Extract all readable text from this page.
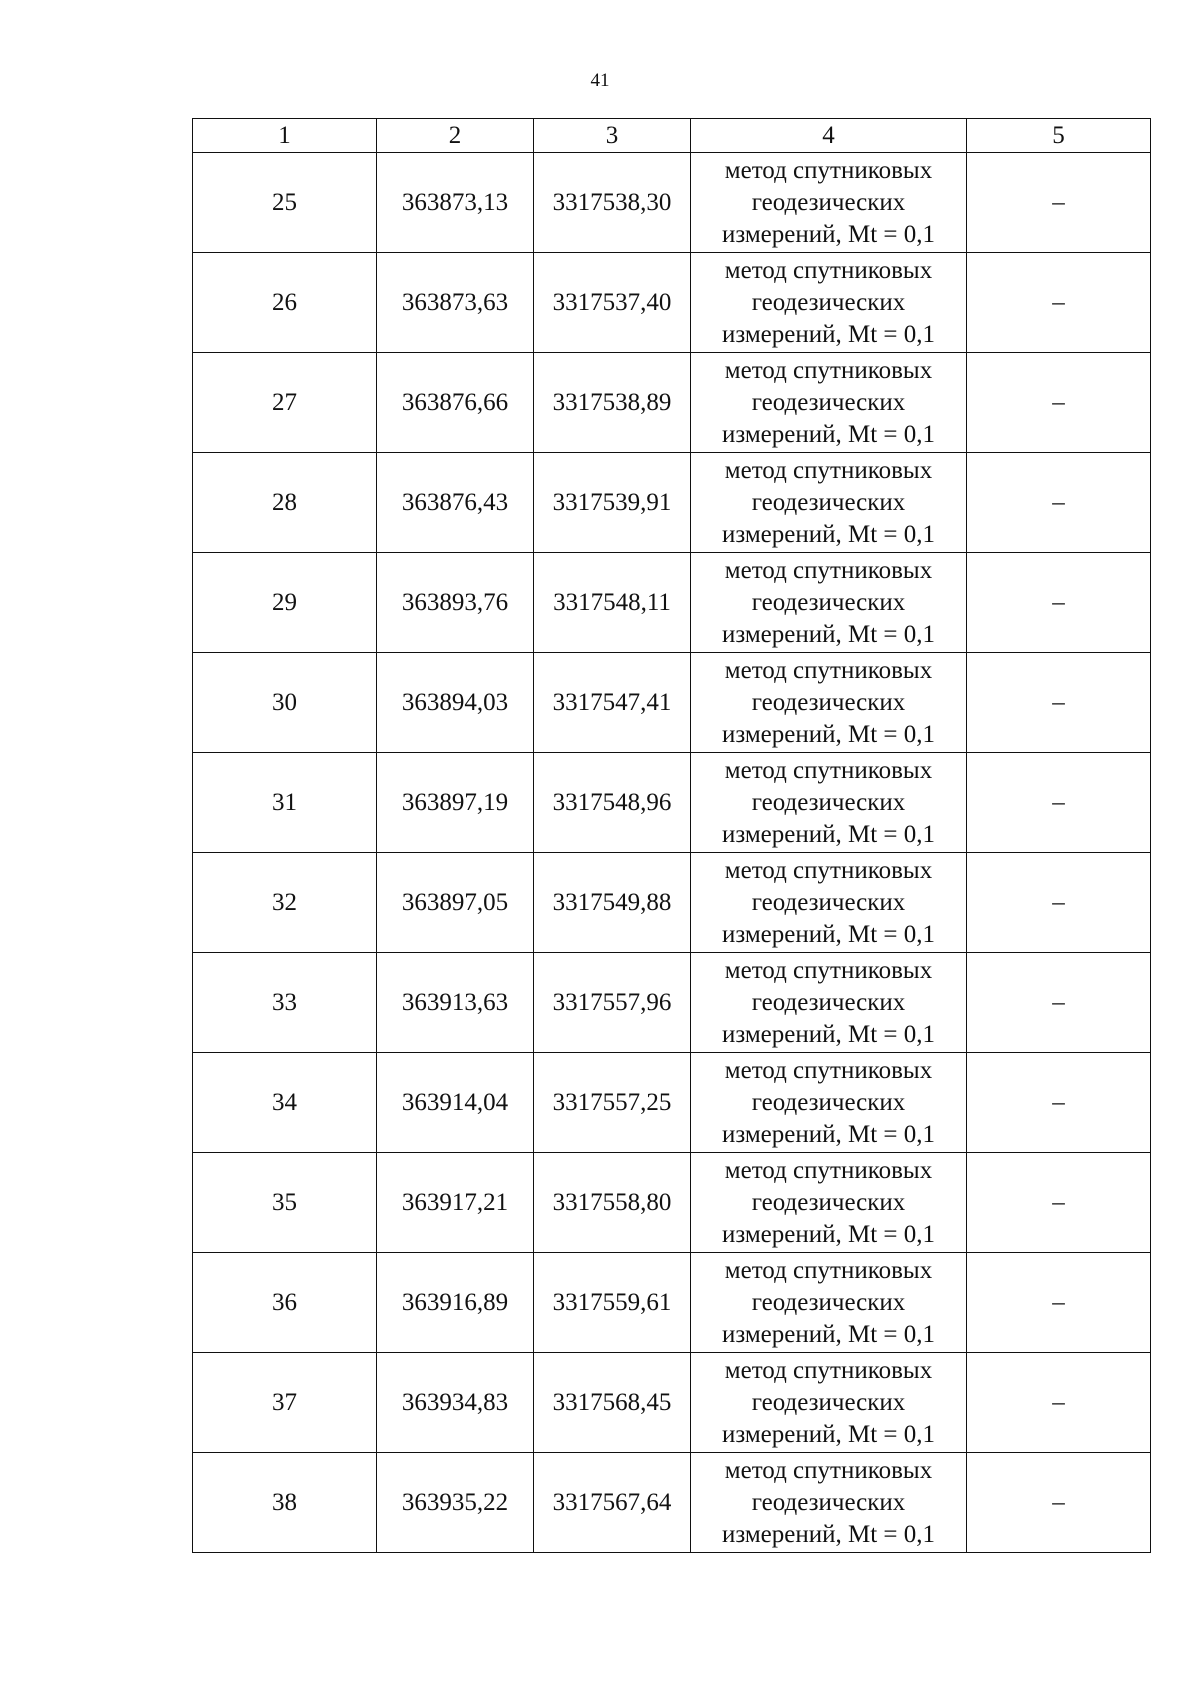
41
1	2	3	4	5
25	363873,13	3317538,30	метод спутниковых
геодезических
измерений, Mt = 0,1	–
26	363873,63	3317537,40	метод спутниковых
геодезических
измерений, Mt = 0,1	–
27	363876,66	3317538,89	метод спутниковых
геодезических
измерений, Mt = 0,1	–
28	363876,43	3317539,91	метод спутниковых
геодезических
измерений, Mt = 0,1	–
29	363893,76	3317548,11	метод спутниковых
геодезических
измерений, Mt = 0,1	–
30	363894,03	3317547,41	метод спутниковых
геодезических
измерений, Mt = 0,1	–
31	363897,19	3317548,96	метод спутниковых
геодезических
измерений, Mt = 0,1	–
32	363897,05	3317549,88	метод спутниковых
геодезических
измерений, Mt = 0,1	–
33	363913,63	3317557,96	метод спутниковых
геодезических
измерений, Mt = 0,1	–
34	363914,04	3317557,25	метод спутниковых
геодезических
измерений, Mt = 0,1	–
35	363917,21	3317558,80	метод спутниковых
геодезических
измерений, Mt = 0,1	–
36	363916,89	3317559,61	метод спутниковых
геодезических
измерений, Mt = 0,1	–
37	363934,83	3317568,45	метод спутниковых
геодезических
измерений, Mt = 0,1	–
38	363935,22	3317567,64	метод спутниковых
геодезических
измерений, Mt = 0,1	–
